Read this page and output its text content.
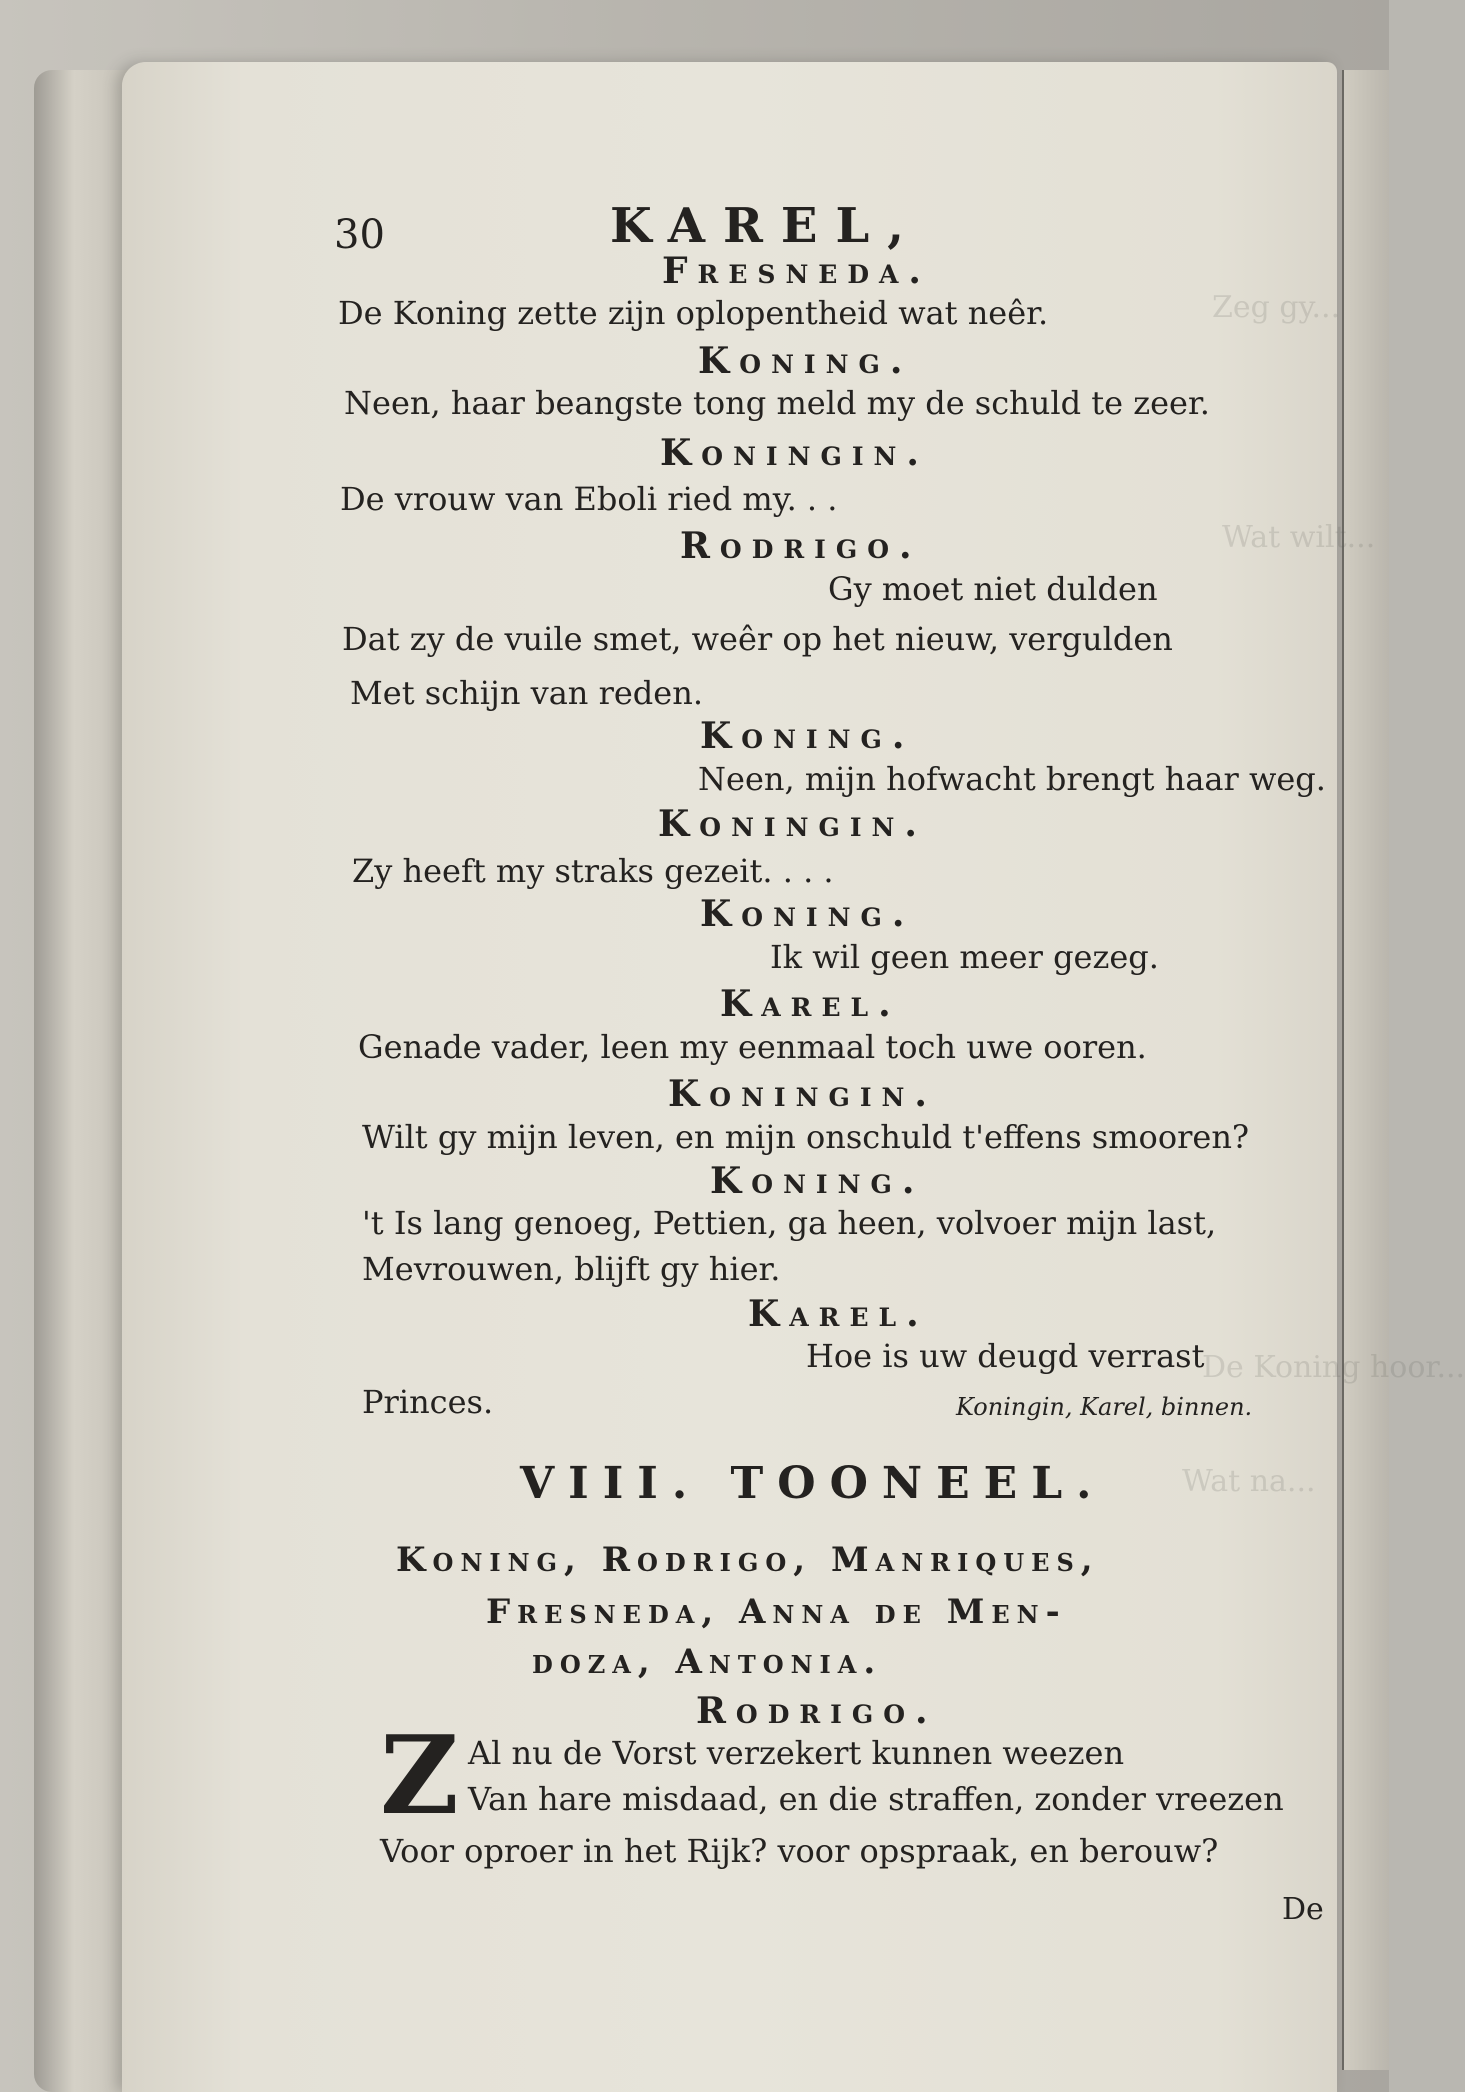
Zeg gy...
Wat wilt...
De Koning hoor...
Wat na...
30	KAREL,
Fresneda.
De Koning zette zijn oplopentheid wat neêr.
Koning.
Neen, haar beangste tong meld my de schuld te zeer.
Koningin.
De vrouw van Eboli ried my. . .
Rodrigo.
Gy moet niet dulden
Dat zy de vuile smet, weêr op het nieuw, vergulden
Met schijn van reden.
Koning.
Neen, mijn hofwacht brengt haar weg.
Koningin.
Zy heeft my straks gezeit. . . .
Koning.
Ik wil geen meer gezeg.
Karel.
Genade vader, leen my eenmaal toch uwe ooren.
Koningin.
Wilt gy mijn leven, en mijn onschuld t'effens smooren?
Koning.
't Is lang genoeg, Pettien, ga heen, volvoer mijn last,
Mevrouwen, blijft gy hier.
Karel.
Hoe is uw deugd verrast
Princes.	Koningin, Karel, binnen.
VIII. TOONEEL.
Koning, Rodrigo, Manriques,
Fresneda, Anna de Men-
doza, Antonia.
Rodrigo.
Z Al nu de Vorst verzekert kunnen weezen
Van hare misdaad, en die straffen, zonder vreezen
Voor oproer in het Rijk? voor opspraak, en berouw?
De
